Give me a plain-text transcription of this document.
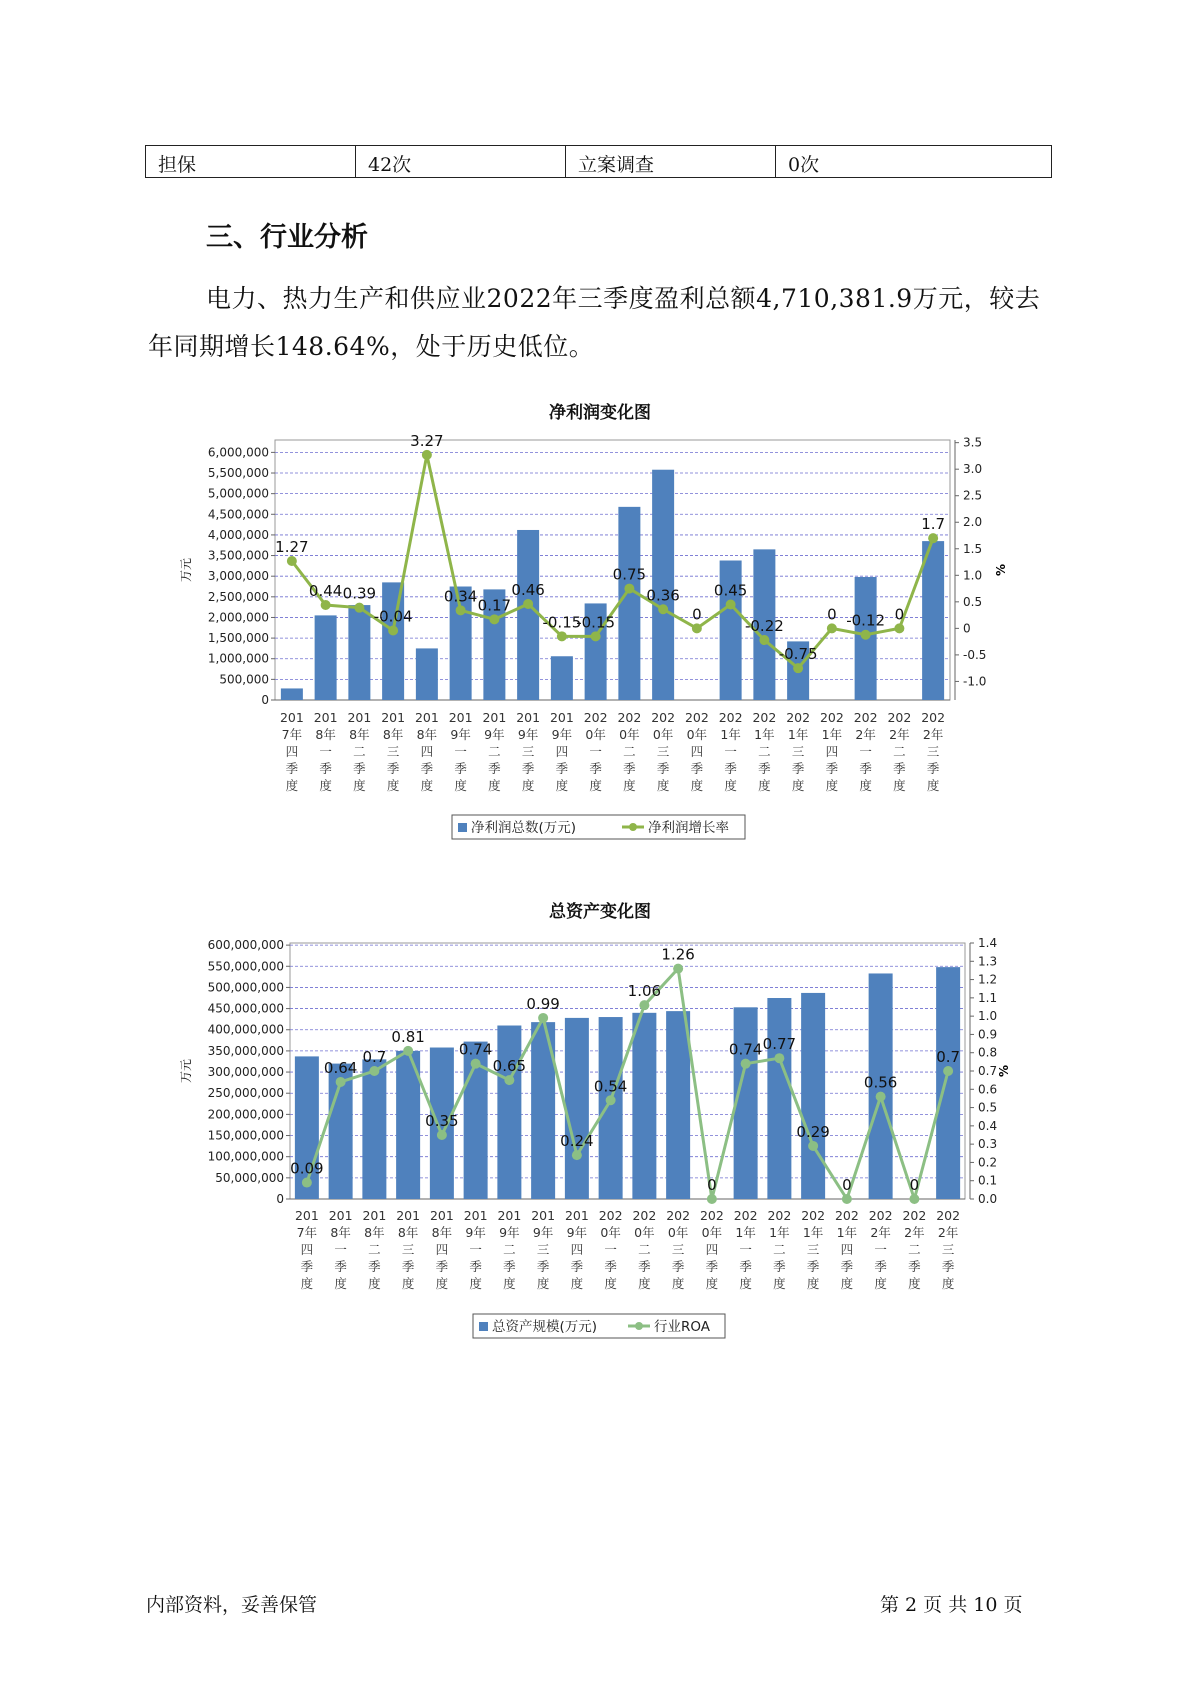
担保	42次	立案调查	0次
三、行业分析

电力、热力生产和供应业2022年三季度盈利总额4,710,381.9万元，较去年同期增长148.64%，处于历史低位。

净利润变化图
6,000,000
5,500,000
5,000,000
4,500,000
4,000,000
3,500,000
3,000,000
2,500,000
2,000,000
1,500,000
1,000,000
500,000
0
3.5
3.0
2.5
2.0
1.5
1.0
0.5
0
-0.5
-1.0
万元	%
201
7年
四
季
度
201
8年
一
季
度
201
8年
二
季
度
201
8年
三
季
度
201
8年
四
季
度
201
9年
一
季
度
201
9年
二
季
度
201
9年
三
季
度
201
9年
四
季
度
202
0年
一
季
度
202
0年
二
季
度
202
0年
三
季
度
202
0年
四
季
度
202
1年
一
季
度
202
1年
二
季
度
202
1年
三
季
度
202
1年
四
季
度
202
2年
一
季
度
202
2年
二
季
度
202
2年
三
季
度
1.27
0.44 0.39
-0.04
3.27
0.34
0.17
0.46
-0.15
-0.15
0.75
0.36
0
0.45
-0.22
-0.75
0 -0.12 0
1.7
净利润总数(万元)	净利润增长率
600,000,000
550,000,000
500,000,000
450,000,000
400,000,000
350,000,000
300,000,000
250,000,000
200,000,000
150,000,000
100,000,000
50,000,000
0
1.4
1.3
1.2
1.1
1.0
0.9
0.8
0.7
0.6
0.5
0.4
0.3
0.2
0.1
0.0
万元	%
201
7年
四
季
度
201
8年
一
季
度
201
8年
二
季
度
201
8年
三
季
度
201
8年
四
季
度
201
9年
一
季
度
201
9年
二
季
度
201
9年
三
季
度
201
9年
四
季
度
202
0年
一
季
度
202
0年
二
季
度
202
0年
三
季
度
202
0年
四
季
度
202
1年
一
季
度
202
1年
二
季
度
202
1年
三
季
度
202
1年
四
季
度
202
2年
一
季
度
202
2年
二
季
度
202
2年
三
季
度
0.09
0.64
0.7
0.81
0.35
0.74
0.65
0.99
0.24
0.54
1.06
1.26
0
0.74 0.77
0.29
0
0.56
0
0.7
总资产规模(万元)	行业ROA
总资产变化图
内部资料，妥善保管	第 2 页 共 10 页
